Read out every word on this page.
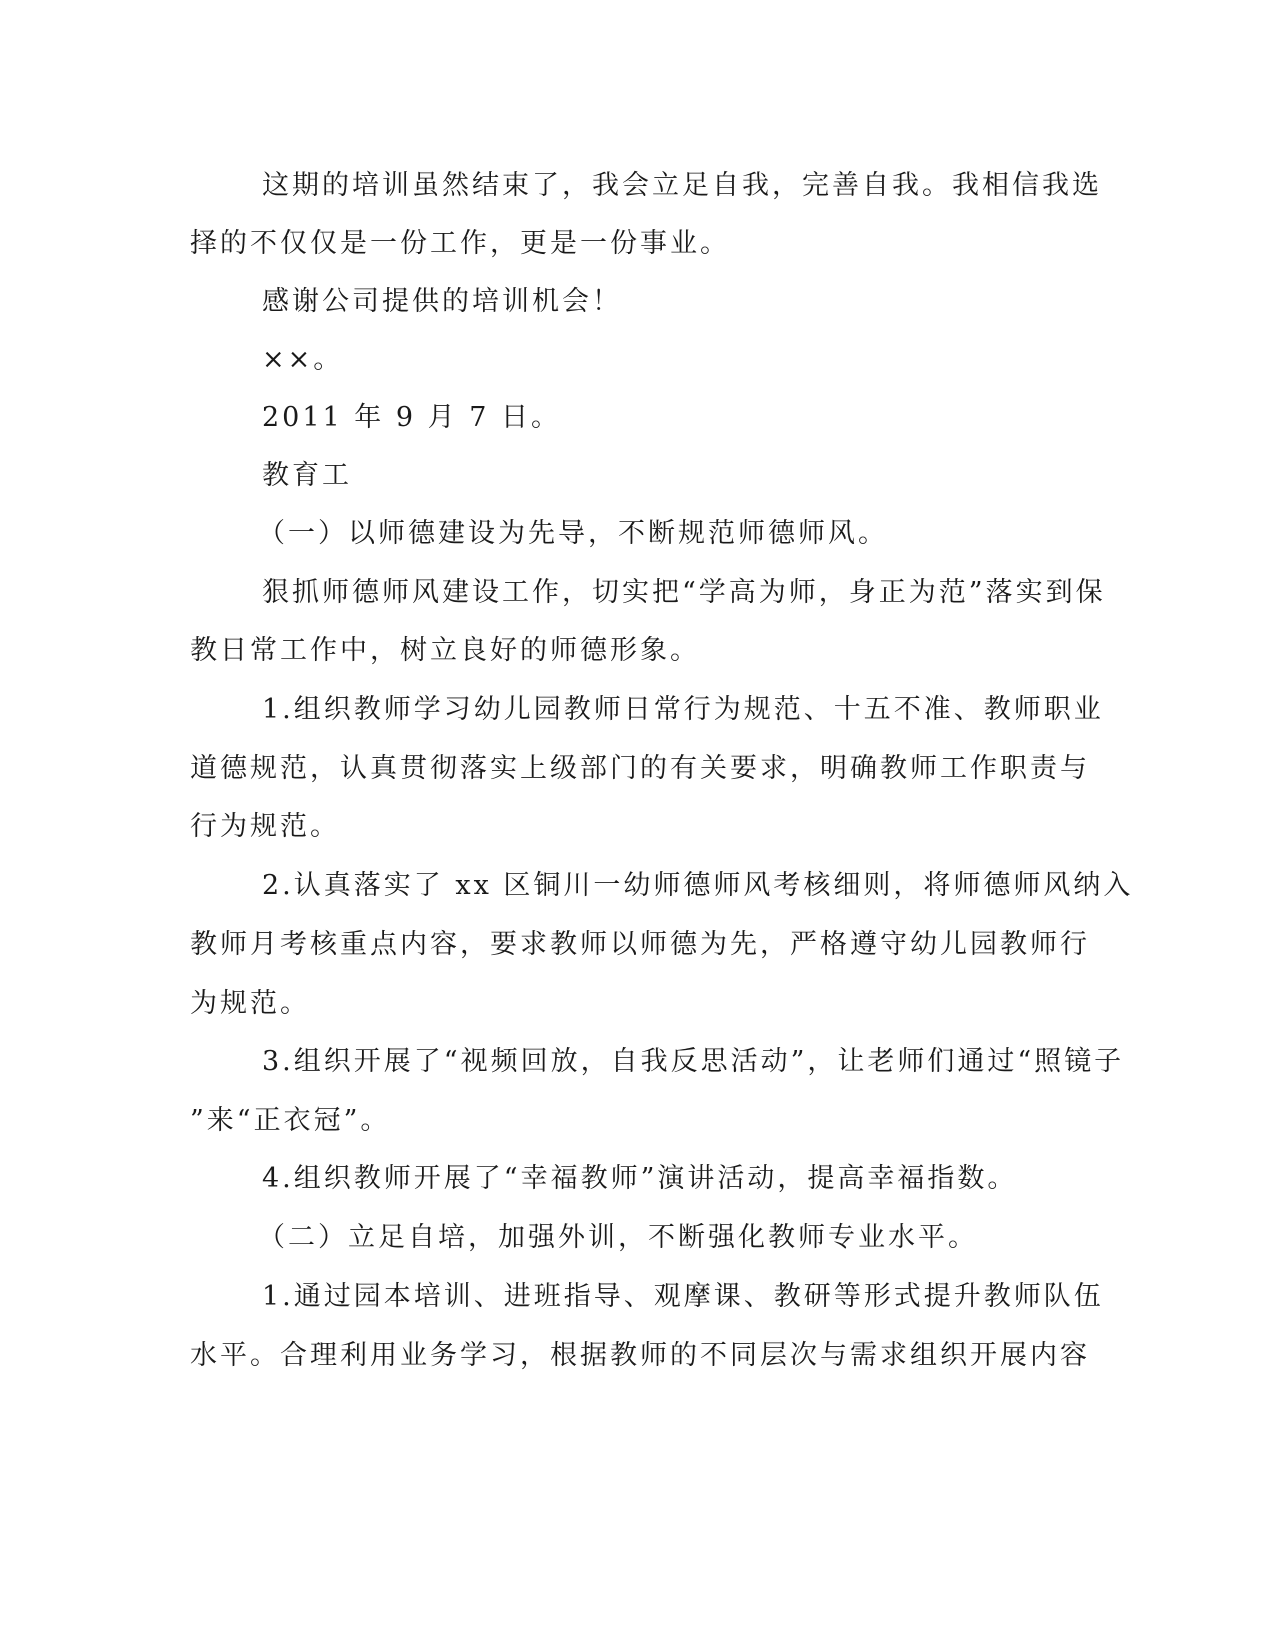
这期的培训虽然结束了，我会立足自我，完善自我。我相信我选
择的不仅仅是一份工作，更是一份事业。
感谢公司提供的培训机会！
××。
2011 年 9 月 7 日。
教育工
（一）以师德建设为先导，不断规范师德师风。
狠抓师德师风建设工作，切实把“学高为师，身正为范”落实到保
教日常工作中，树立良好的师德形象。
1.组织教师学习幼儿园教师日常行为规范、十五不准、教师职业
道德规范，认真贯彻落实上级部门的有关要求，明确教师工作职责与
行为规范。
2.认真落实了 xx 区铜川一幼师德师风考核细则，将师德师风纳入
教师月考核重点内容，要求教师以师德为先，严格遵守幼儿园教师行
为规范。
3.组织开展了“视频回放，自我反思活动”，让老师们通过“照镜子
”来“正衣冠”。
4.组织教师开展了“幸福教师”演讲活动，提高幸福指数。
（二）立足自培，加强外训，不断强化教师专业水平。
1.通过园本培训、进班指导、观摩课、教研等形式提升教师队伍
水平。合理利用业务学习，根据教师的不同层次与需求组织开展内容
